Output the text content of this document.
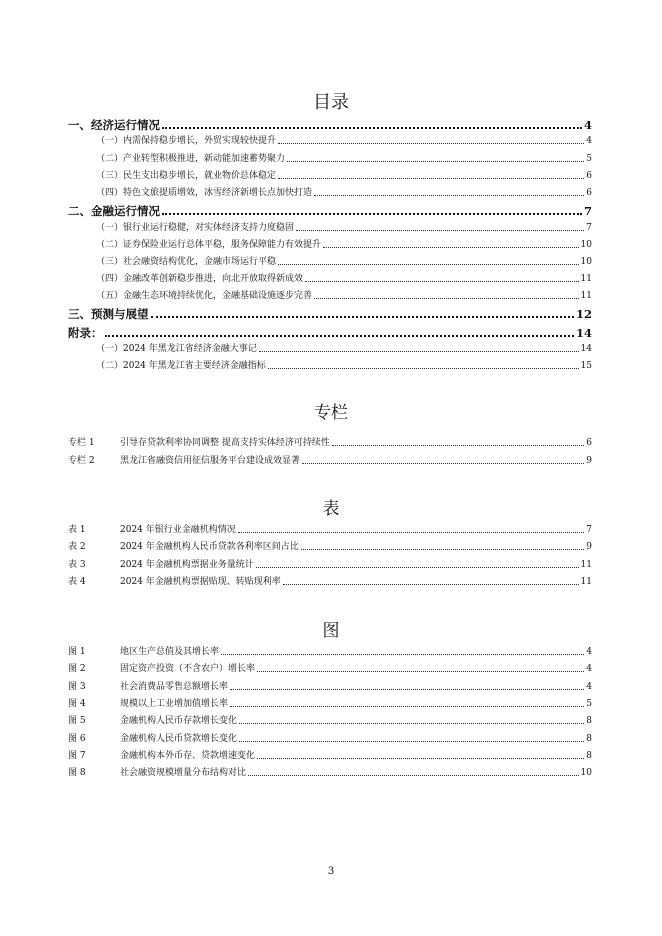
目录
一、经济运行情况	4
（一）内需保持稳步增长，外贸实现较快提升	4
（二）产业转型积极推进，新动能加速蓄势聚力	5
（三）民生支出稳步增长，就业物价总体稳定	6
（四）特色文旅提质增效，冰雪经济新增长点加快打造	6
二、金融运行情况	7
（一）银行业运行稳健，对实体经济支持力度稳固	7
（二）证券保险业运行总体平稳，服务保障能力有效提升	10
（三）社会融资结构优化，金融市场运行平稳	10
（四）金融改革创新稳步推进，向北开放取得新成效	11
（五）金融生态环境持续优化，金融基础设施逐步完善	11
三、预测与展望	12
附录：	14
（一）2024 年黑龙江省经济金融大事记	14
（二）2024 年黑龙江省主要经济金融指标	15
专栏
专栏 1	引导存贷款利率协同调整 提高支持实体经济可持续性	6
专栏 2	黑龙江省融资信用征信服务平台建设成效显著	9
表
表 1	2024 年银行业金融机构情况	7
表 2	2024 年金融机构人民币贷款各利率区间占比	9
表 3	2024 年金融机构票据业务量统计	11
表 4	2024 年金融机构票据贴现、转贴现利率	11
图
图 1	地区生产总值及其增长率	4
图 2	固定资产投资（不含农户）增长率	4
图 3	社会消费品零售总额增长率	4
图 4	规模以上工业增加值增长率	5
图 5	金融机构人民币存款增长变化	8
图 6	金融机构人民币贷款增长变化	8
图 7	金融机构本外币存、贷款增速变化	8
图 8	社会融资规模增量分布结构对比	10
3
